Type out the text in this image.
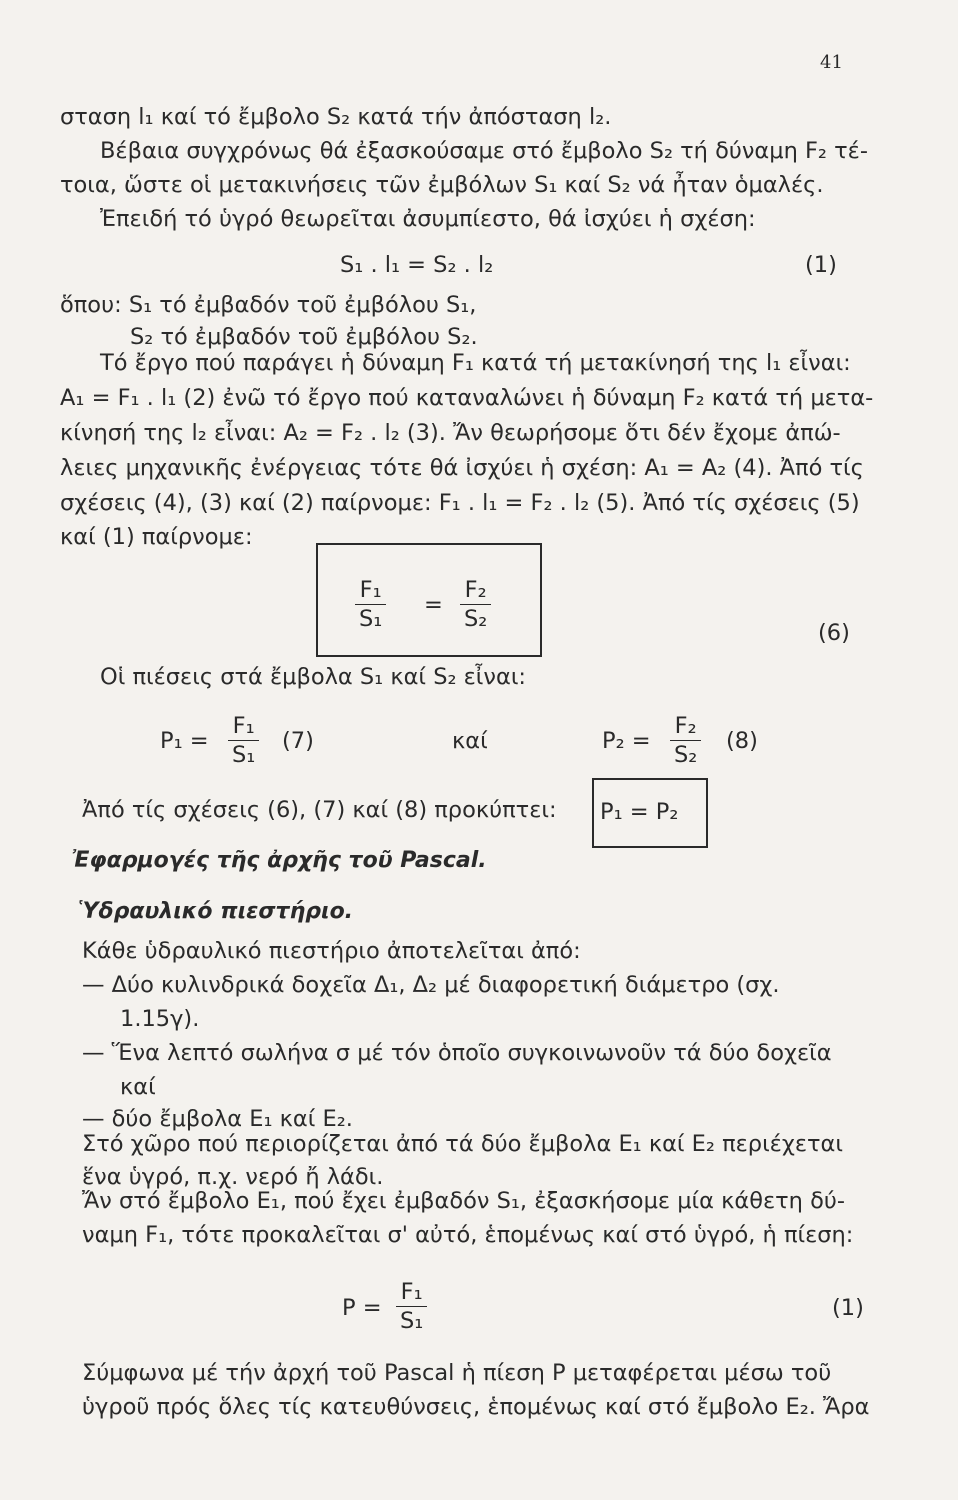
41
σταση l₁ καί τό ἔμβολο S₂ κατά τήν ἀπόσταση l₂.
Βέβαια συγχρόνως θά ἐξασκούσαμε στό ἔμβολο S₂ τή δύναμη F₂ τέ-
τοια, ὥστε οἱ μετακινήσεις τῶν ἐμβόλων S₁ καί S₂ νά ἦταν ὁμαλές.
Ἐπειδή τό ὑγρό θεωρεῖται ἀσυμπίεστο, θά ἰσχύει ἡ σχέση:
S₁ . l₁ = S₂ . l₂	(1)
ὅπου: S₁ τό ἐμβαδόν τοῦ ἐμβόλου S₁,
S₂ τό ἐμβαδόν τοῦ ἐμβόλου S₂.
Τό ἔργο πού παράγει ἡ δύναμη F₁ κατά τή μετακίνησή της l₁ εἶναι:
A₁ = F₁ . l₁ (2) ἐνῶ τό ἔργο πού καταναλώνει ἡ δύναμη F₂ κατά τή μετα-
κίνησή της l₂ εἶναι: A₂ = F₂ . l₂ (3). Ἄν θεωρήσομε ὅτι δέν ἔχομε ἀπώ-
λειες μηχανικῆς ἐνέργειας τότε θά ἰσχύει ἡ σχέση: A₁ = A₂ (4). Ἀπό τίς
σχέσεις (4), (3) καί (2) παίρνομε: F₁ . l₁ = F₂ . l₂ (5). Ἀπό τίς σχέσεις (5)
καί (1) παίρνομε:
$\frac{\text{F₁}}{\text{S₁}} = \frac{\text{F₂}}{\text{S₂}}$	(6)
Οἱ πιέσεις στά ἔμβολα S₁ καί S₂ εἶναι:
$P_1 = \frac{\text{F₁}}{\text{S₁}} (7)$	καί	$P_2 = \frac{\text{F₂}}{\text{S₂}} (8)$
Ἀπό τίς σχέσεις (6), (7) καί (8) προκύπτει: P₁ = P₂
Ἐφαρμογές τῆς ἀρχῆς τοῦ Pascal.
Ὑδραυλικό πιεστήριο.
Κάθε ὑδραυλικό πιεστήριο ἀποτελεῖται ἀπό:
— Δύο κυλινδρικά δοχεῖα Δ₁, Δ₂ μέ διαφορετική διάμετρο (σχ.
1.15γ).
— Ἕνα λεπτό σωλήνα σ μέ τόν ὁποῖο συγκοινωνοῦν τά δύο δοχεῖα
καί
— δύο ἔμβολα E₁ καί E₂.
Στό χῶρο πού περιορίζεται ἀπό τά δύο ἔμβολα E₁ καί E₂ περιέχεται
ἕνα ὑγρό, π.χ. νερό ἤ λάδι.
Ἄν στό ἔμβολο E₁, πού ἔχει ἐμβαδόν S₁, ἐξασκήσομε μία κάθετη δύ-
ναμη F₁, τότε προκαλεῖται σ' αὐτό, ἑπομένως καί στό ὑγρό, ἡ πίεση:
$P = \frac{\text{F₁}}{\text{S₁}}$	(1)
Σύμφωνα μέ τήν ἀρχή τοῦ Pascal ἡ πίεση P μεταφέρεται μέσω τοῦ
ὑγροῦ πρός ὅλες τίς κατευθύνσεις, ἑπομένως καί στό ἔμβολο E₂. Ἄρα
